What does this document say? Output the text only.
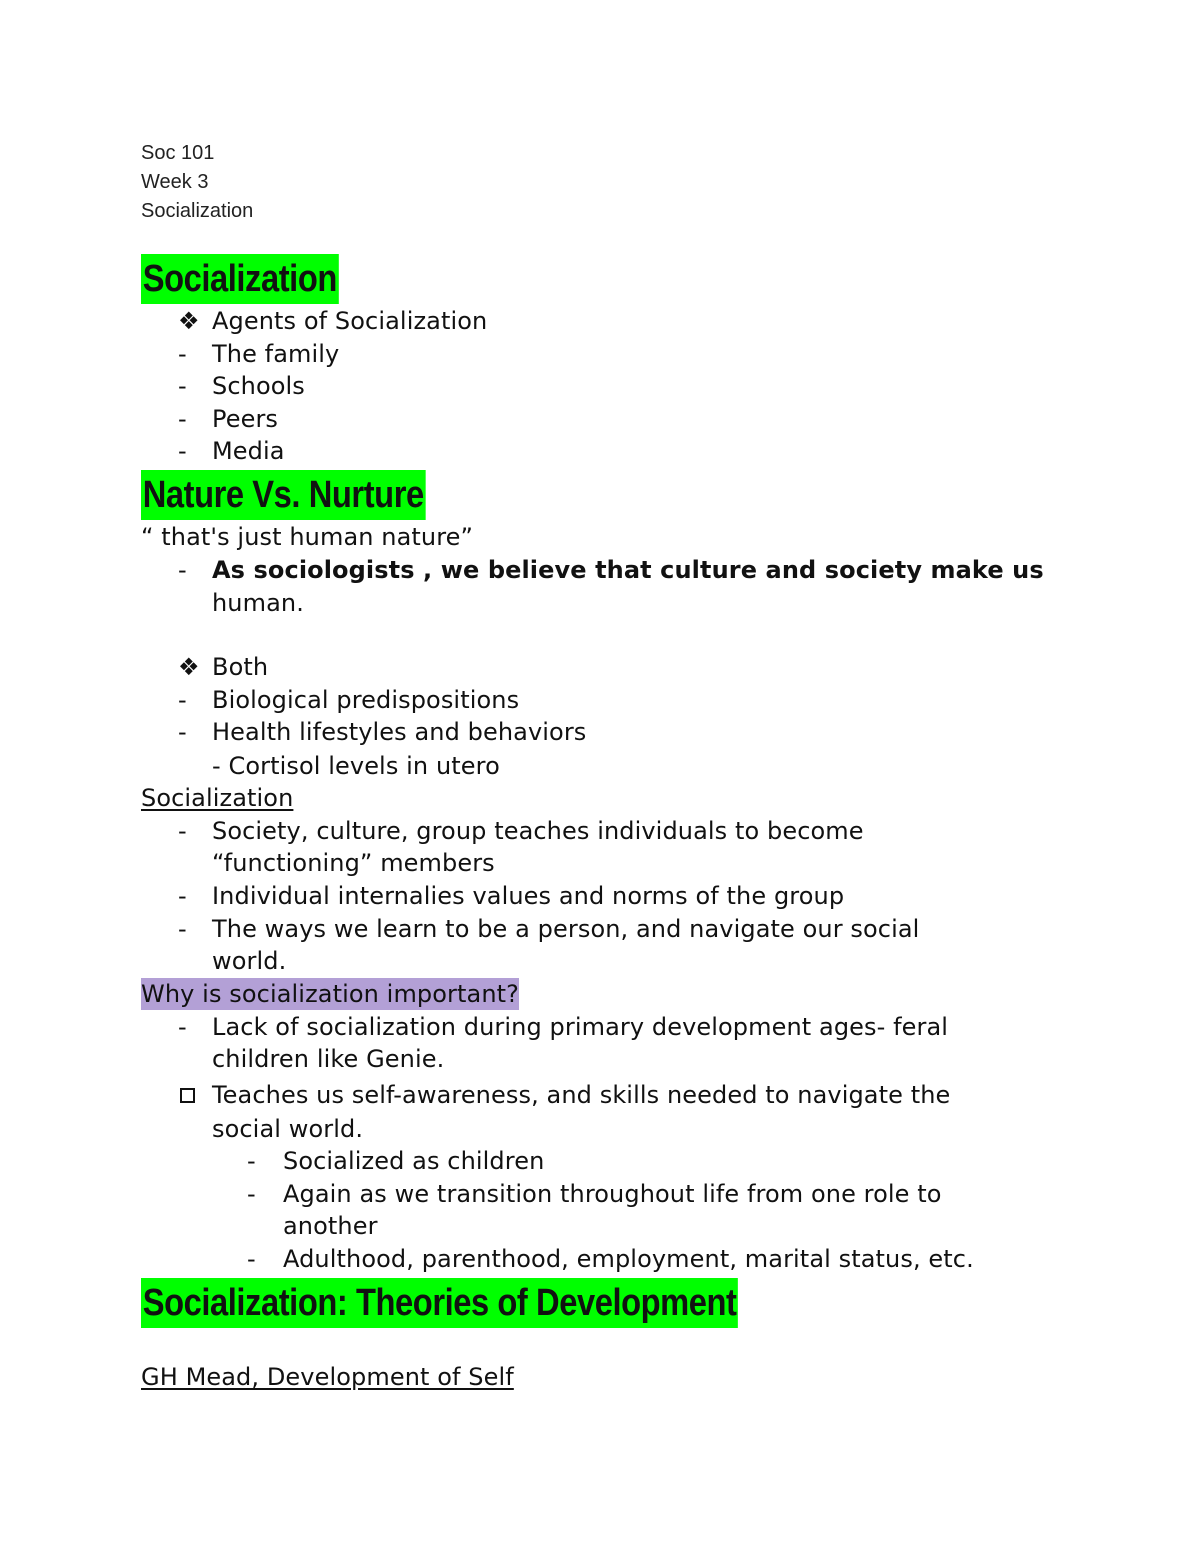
Soc 101
Week 3
Socialization
Socialization
❖ Agents of Socialization
- The family
- Schools
- Peers
- Media
Nature Vs. Nurture
“ that's just human nature”
- As sociologists , we believe that culture and society make us
human.
❖ Both
- Biological predispositions
- Health lifestyles and behaviors
- Cortisol levels in utero
Socialization
- Society, culture, group teaches individuals to become
“functioning” members
- Individual internalies values and norms of the group
- The ways we learn to be a person, and navigate our social
world.
Why is socialization important?
- Lack of socialization during primary development ages- feral
children like Genie.
Teaches us self-awareness, and skills needed to navigate the
social world.
- Socialized as children
- Again as we transition throughout life from one role to
another
- Adulthood, parenthood, employment, marital status, etc.
Socialization: Theories of Development
GH Mead, Development of Self
